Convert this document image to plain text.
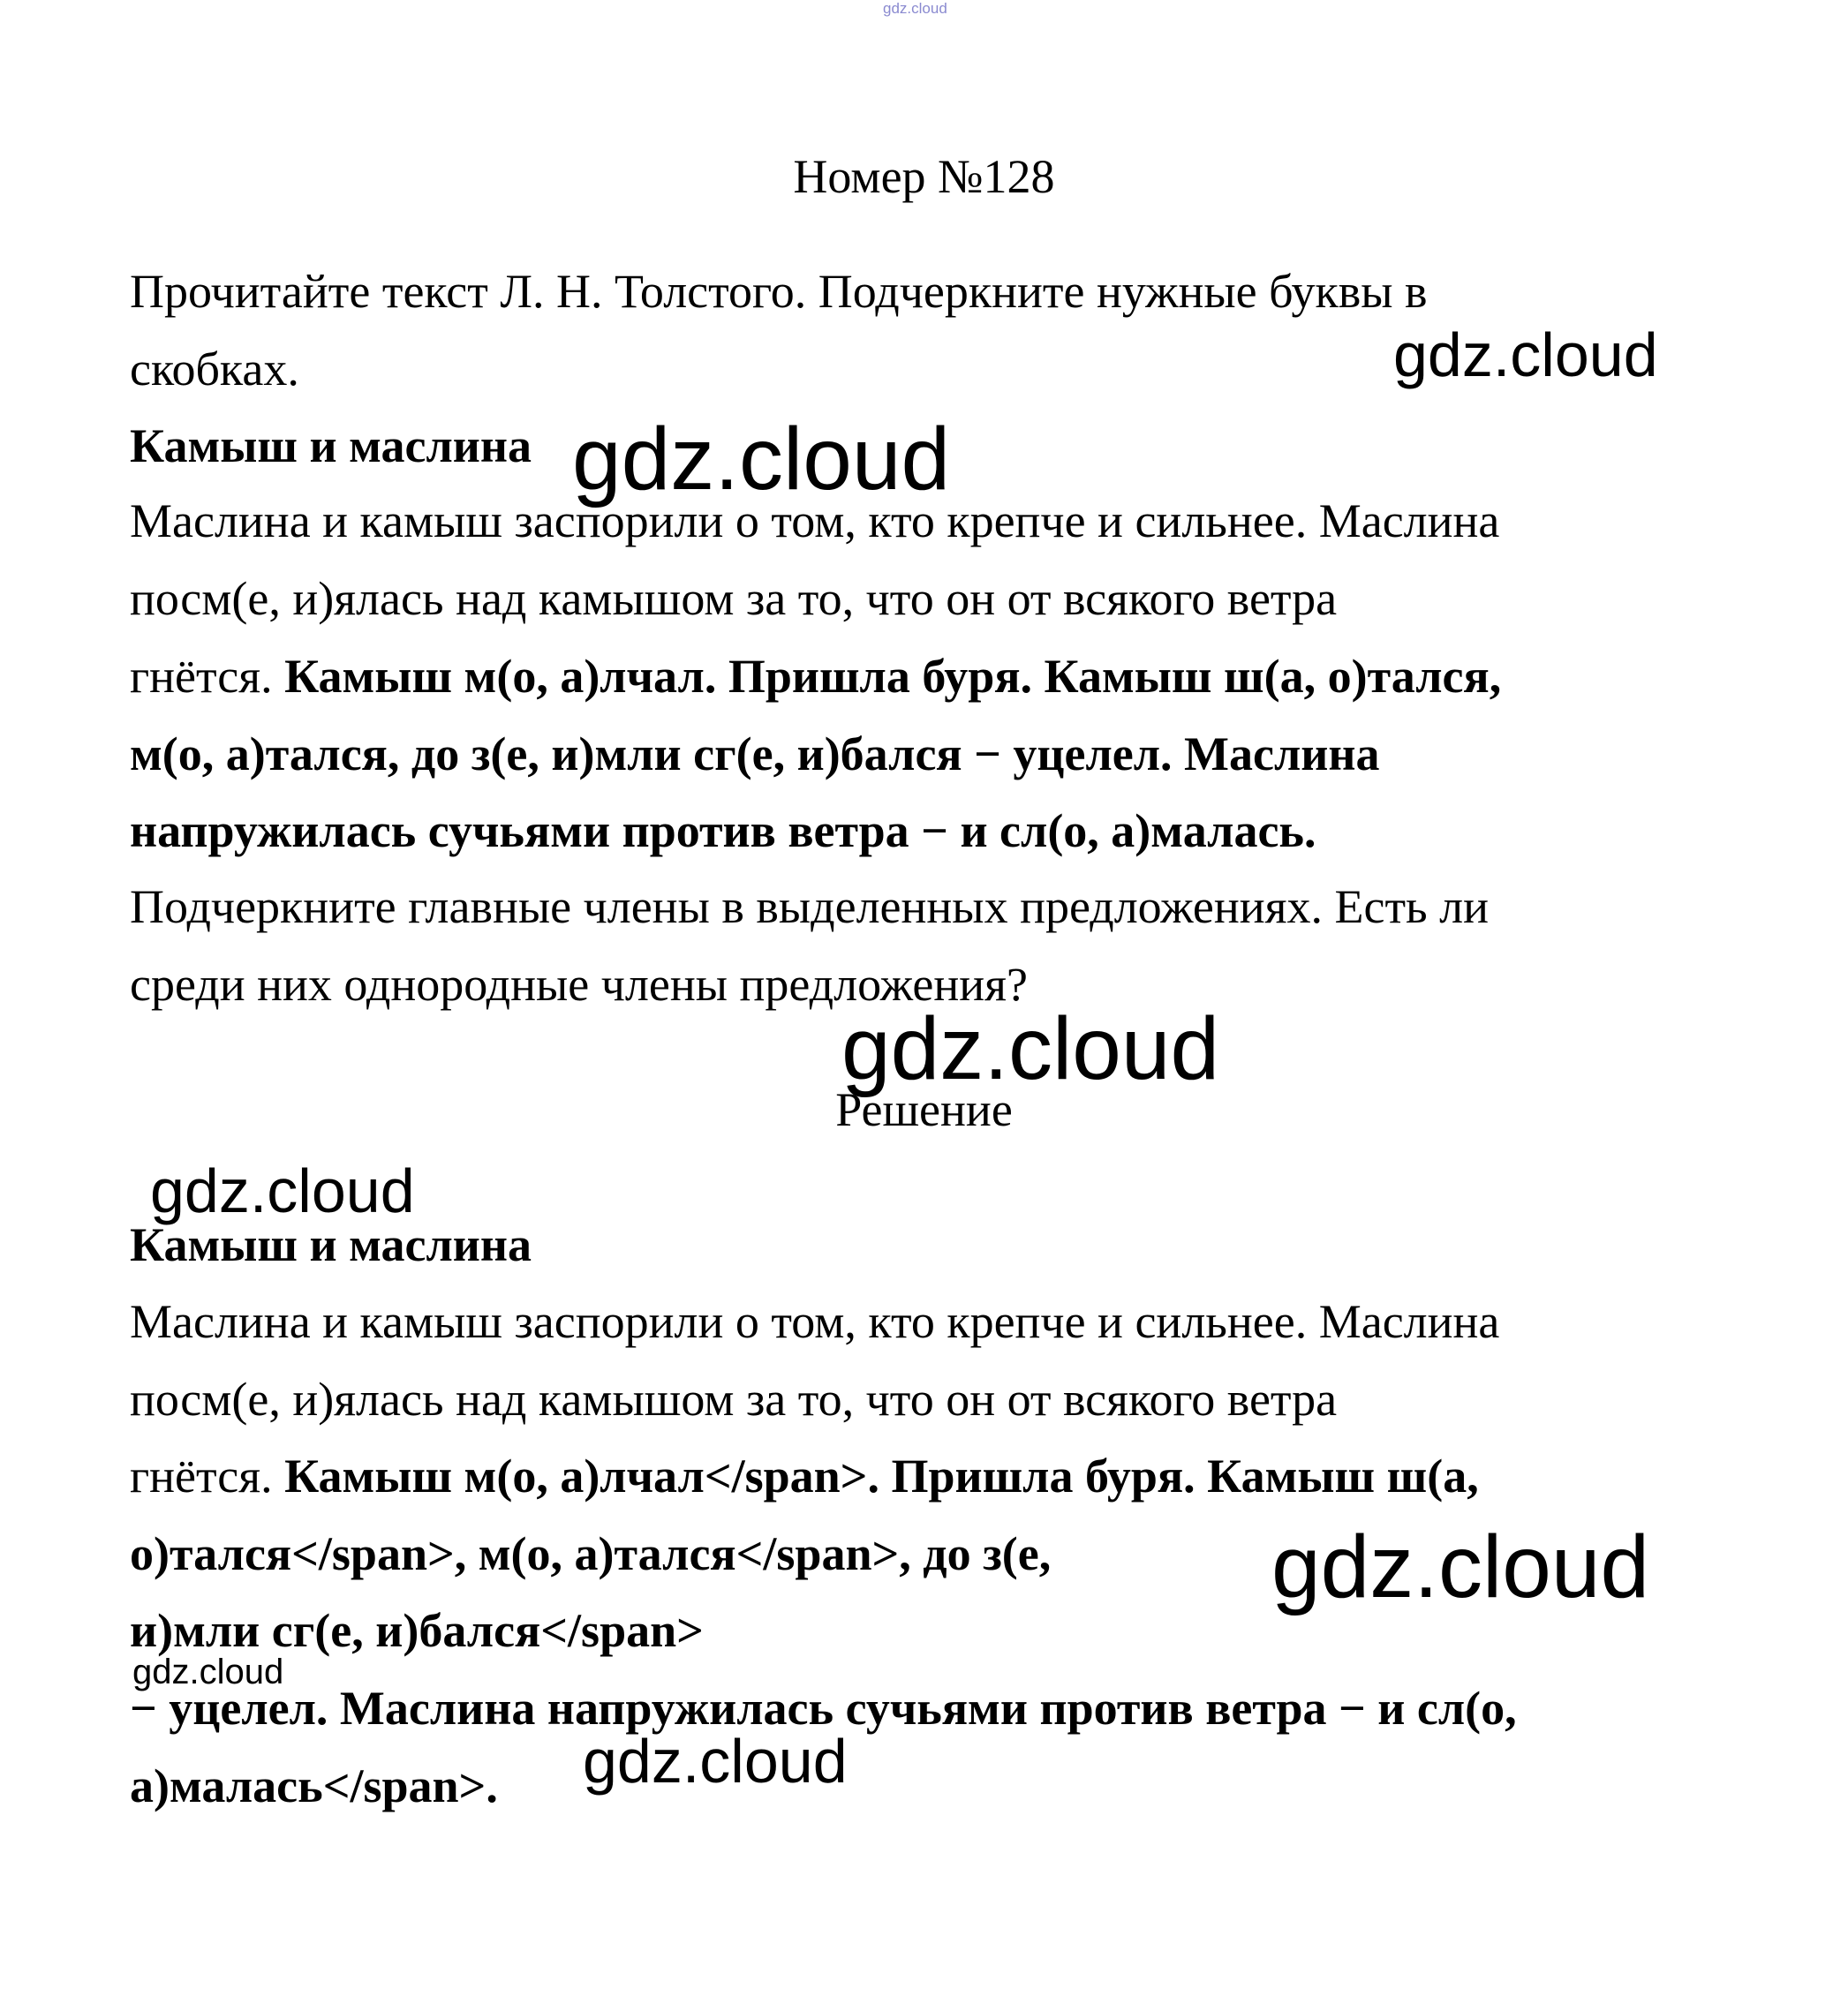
gdz.cloud
Номер №128
Прочитайте текст Л. Н. Толстого. Подчеркните нужные буквы в
скобках.
Камыш и маслина
Маслина и камыш заспорили о том, кто крепче и сильнее. Маслина
посм(е, и)ялась над камышом за то, что он от всякого ветра
гнётся. Камыш м(о, а)лчал. Пришла буря. Камыш ш(а, о)тался,
м(о, а)тался, до з(е, и)мли сг(е, и)бался − уцелел. Маслина
напружилась сучьями против ветра − и сл(о, а)малась.
Подчеркните главные члены в выделенных предложениях. Есть ли
среди них однородные члены предложения?
Решение
Камыш и маслина
Маслина и камыш заспорили о том, кто крепче и сильнее. Маслина
посм(е, и)ялась над камышом за то, что он от всякого ветра
гнётся. Камыш м(о, а)лчал</span>. Пришла буря. Камыш ш(а,
о)тался</span>, м(о, а)тался</span>, до з(е,
и)мли сг(е, и)бался</span>
− уцелел. Маслина напружилась сучьями против ветра − и сл(о,
а)малась</span>.
gdz.cloud
gdz.cloud
gdz.cloud
gdz.cloud
gdz.cloud
gdz.cloud
gdz.cloud
